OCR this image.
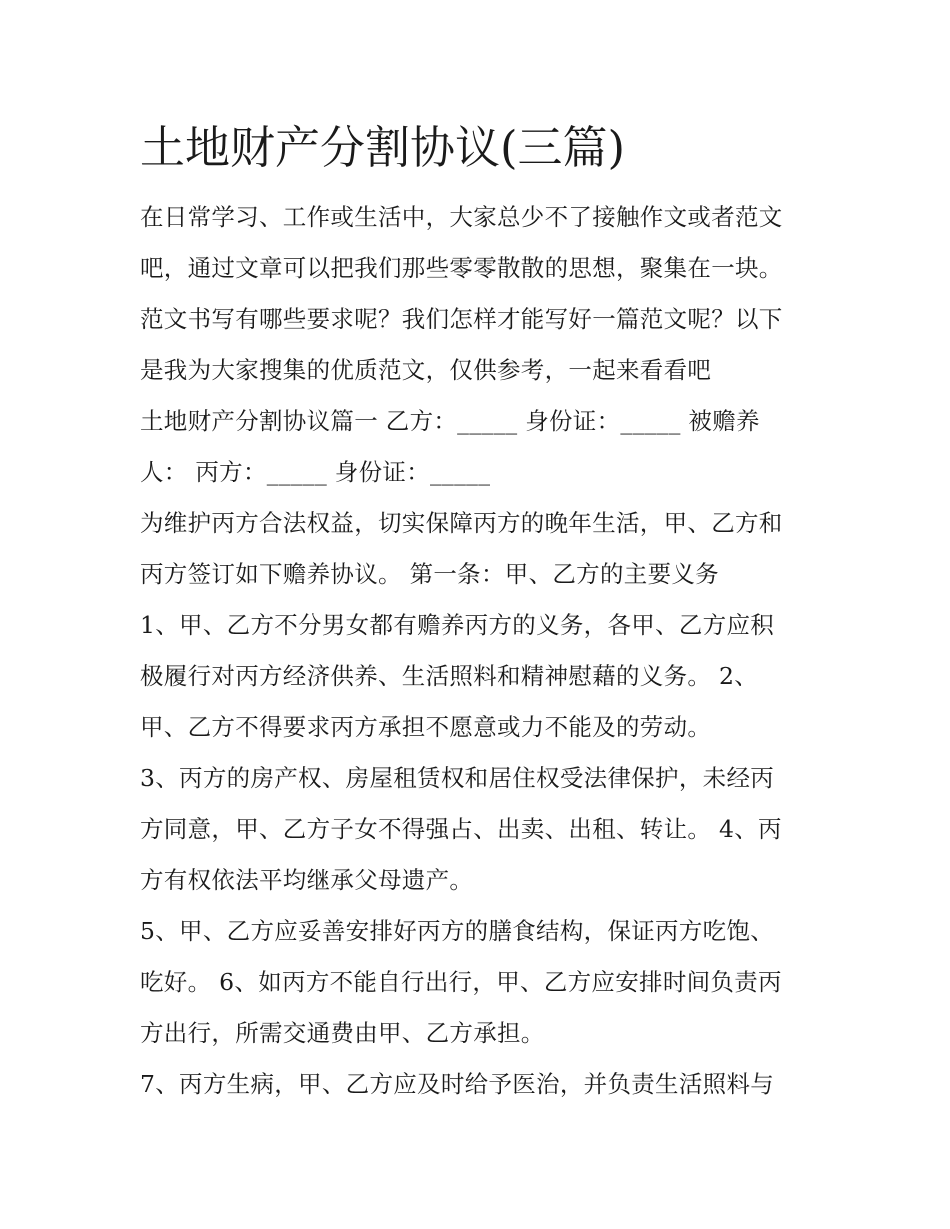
土地财产分割协议(三篇)

在日常学习、工作或生活中，大家总少不了接触作文或者范文

吧，通过文章可以把我们那些零零散散的思想，聚集在一块。

范文书写有哪些要求呢？我们怎样才能写好一篇范文呢？以下

是我为大家搜集的优质范文，仅供参考，一起来看看吧

土地财产分割协议篇一 乙方：_____ 身份证：_____ 被赡养

人： 丙方：_____ 身份证：_____

为维护丙方合法权益，切实保障丙方的晚年生活，甲、乙方和

丙方签订如下赡养协议。 第一条：甲、乙方的主要义务

1、甲、乙方不分男女都有赡养丙方的义务，各甲、乙方应积

极履行对丙方经济供养、生活照料和精神慰藉的义务。 2、

甲、乙方不得要求丙方承担不愿意或力不能及的劳动。

3、丙方的房产权、房屋租赁权和居住权受法律保护，未经丙

方同意，甲、乙方子女不得强占、出卖、出租、转让。 4、丙

方有权依法平均继承父母遗产。

5、甲、乙方应妥善安排好丙方的膳食结构，保证丙方吃饱、

吃好。 6、如丙方不能自行出行，甲、乙方应安排时间负责丙

方出行，所需交通费由甲、乙方承担。

7、丙方生病，甲、乙方应及时给予医治，并负责生活照料与
